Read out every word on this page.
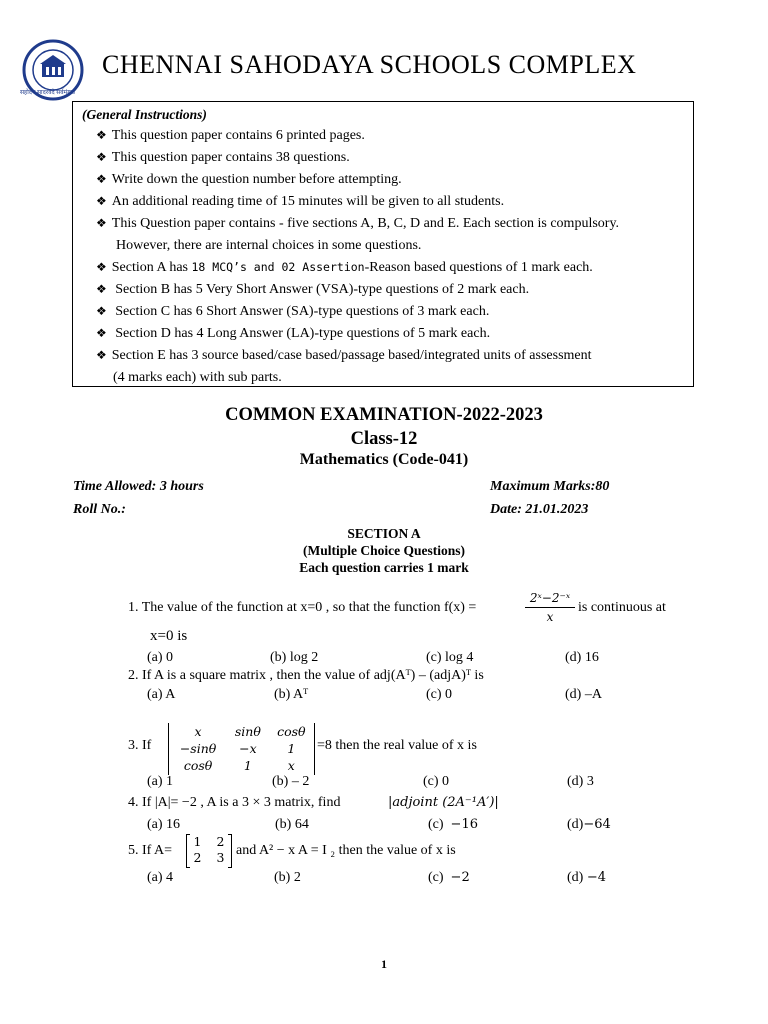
सहोदय सादरवंदे सर्वमंगळ
CHENNAI SAHODAYA SCHOOLS COMPLEX
(General Instructions)
❖ This question paper contains 6 printed pages.
❖ This question paper contains 38 questions.
❖ Write down the question number before attempting.
❖ An additional reading time of 15 minutes will be given to all students.
❖ This Question paper contains - five sections A, B, C, D and E. Each section is compulsory.
However, there are internal choices in some questions.
❖ Section A has 18 MCQ’s and 02 Assertion-Reason based questions of 1 mark each.
❖ Section B has 5 Very Short Answer (VSA)-type questions of 2 mark each.
❖ Section C has 6 Short Answer (SA)-type questions of 3 mark each.
❖ Section D has 4 Long Answer (LA)-type questions of 5 mark each.
❖ Section E has 3 source based/case based/passage based/integrated units of assessment
(4 marks each) with sub parts.
COMMON EXAMINATION-2022-2023
Class-12
Mathematics (Code-041)
Time Allowed: 3 hours	Maximum Marks:80
Roll No.:	Date: 21.01.2023
SECTION A
(Multiple Choice Questions)
Each question carries 1 mark
1. The value of the function at x=0 , so that the function f(x) =	$\frac{\text{2ˣ−2⁻ˣ}}{x}$ is continuous at
x=0 is
(a) 0	(b) log 2	(c) log 4	(d) 16
2. If A is a square matrix , then the value of adj(Aᵀ) – (adjA)ᵀ is
(a) A	(b) Aᵀ	(c) 0	(d) –A
3. If
x	sinθ	cosθ
−sinθ	−x	1
cosθ	1	x
=8 then the real value of x is
(a) 1	(b) – 2	(c) 0	(d) 3
4. If |A|= −2 , A is a 3 × 3 matrix, find	|adjoint (2A⁻¹A′)|
(a) 16	(b) 64	(c) −16	(d)−64
5. If A=
1	2
2	3 and A² − x A = I ₂ then the value of x is
(a) 4	(b) 2	(c) −2	(d) −4
1
